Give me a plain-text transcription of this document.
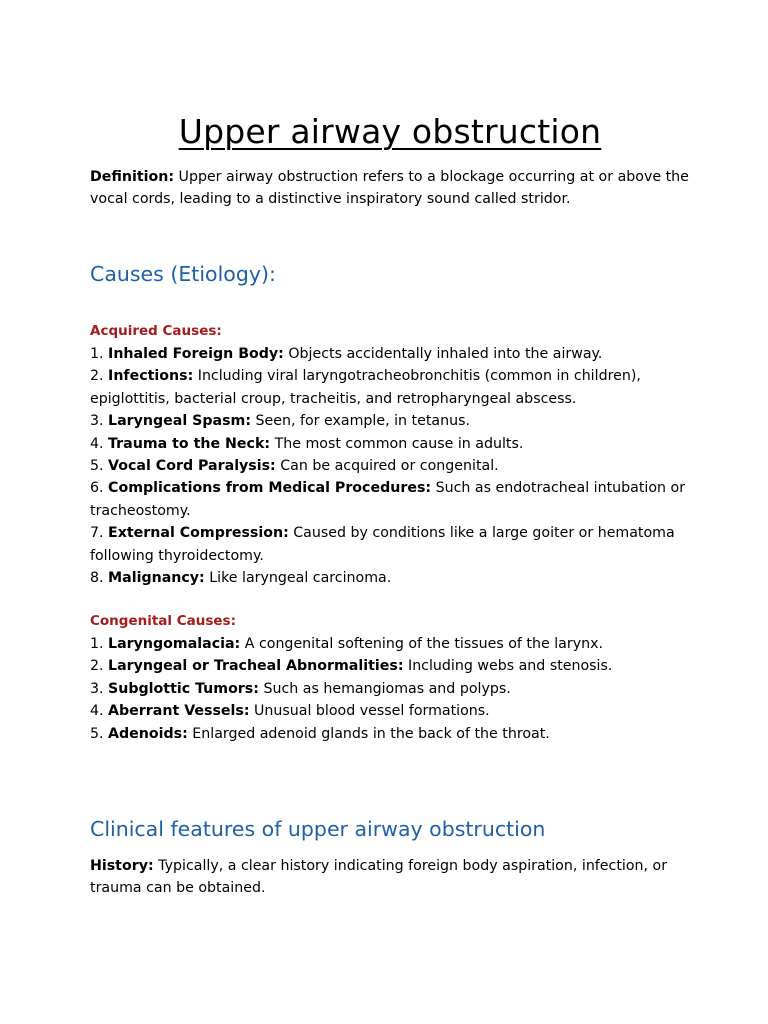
Upper airway obstruction

Definition: Upper airway obstruction refers to a blockage occurring at or above the vocal cords, leading to a distinctive inspiratory sound called stridor.

Causes (Etiology):
Acquired Causes:
1. Inhaled Foreign Body: Objects accidentally inhaled into the airway.
2. Infections: Including viral laryngotracheobronchitis (common in children), epiglottitis, bacterial croup, tracheitis, and retropharyngeal abscess.
3. Laryngeal Spasm: Seen, for example, in tetanus.
4. Trauma to the Neck: The most common cause in adults.
5. Vocal Cord Paralysis: Can be acquired or congenital.
6. Complications from Medical Procedures: Such as endotracheal intubation or tracheostomy.
7. External Compression: Caused by conditions like a large goiter or hematoma following thyroidectomy.
8. Malignancy: Like laryngeal carcinoma.
Congenital Causes:
1. Laryngomalacia: A congenital softening of the tissues of the larynx.
2. Laryngeal or Tracheal Abnormalities: Including webs and stenosis.
3. Subglottic Tumors: Such as hemangiomas and polyps.
4. Aberrant Vessels: Unusual blood vessel formations.
5. Adenoids: Enlarged adenoid glands in the back of the throat.
Clinical features of upper airway obstruction

History: Typically, a clear history indicating foreign body aspiration, infection, or trauma can be obtained.
